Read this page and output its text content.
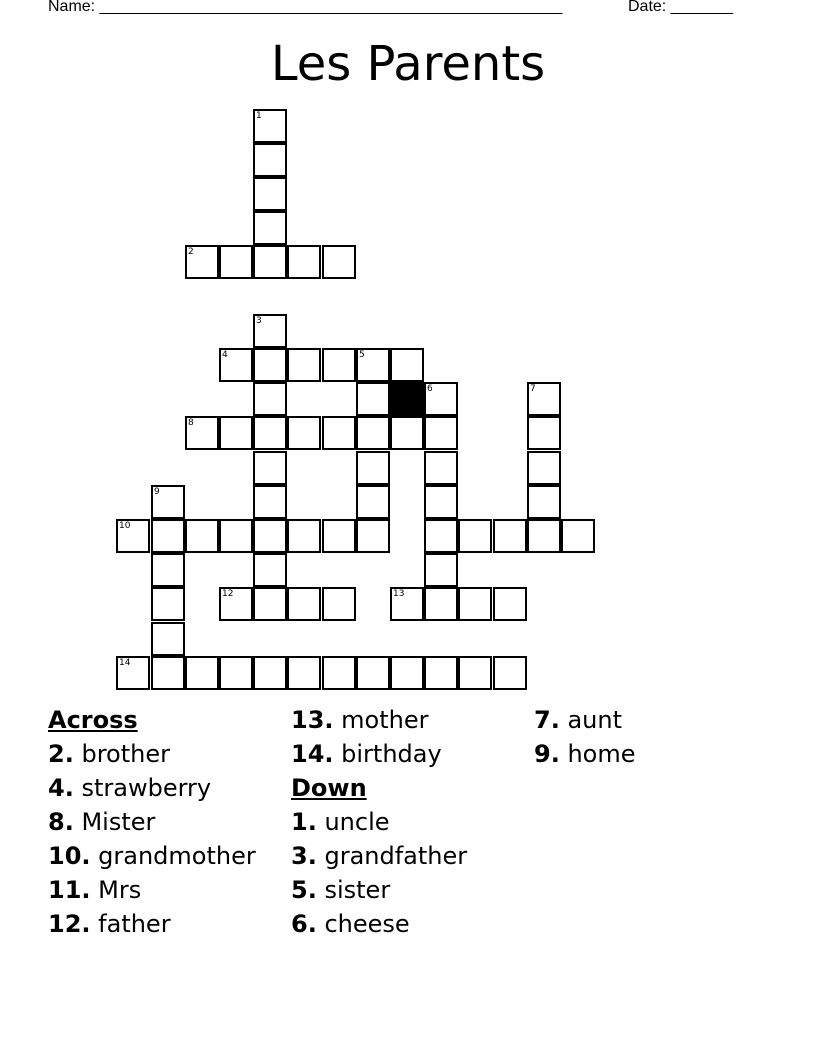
Name: ____________________________________________________	Date: _______
Les Parents
1
2
3
4	5
6
8
7
10
9
12	13
14
Across
2. brother
4. strawberry
8. Mister
10. grandmother
11. Mrs
12. father
13. mother
14. birthday
Down
1. uncle
3. grandfather
5. sister
6. cheese
7. aunt
9. home
